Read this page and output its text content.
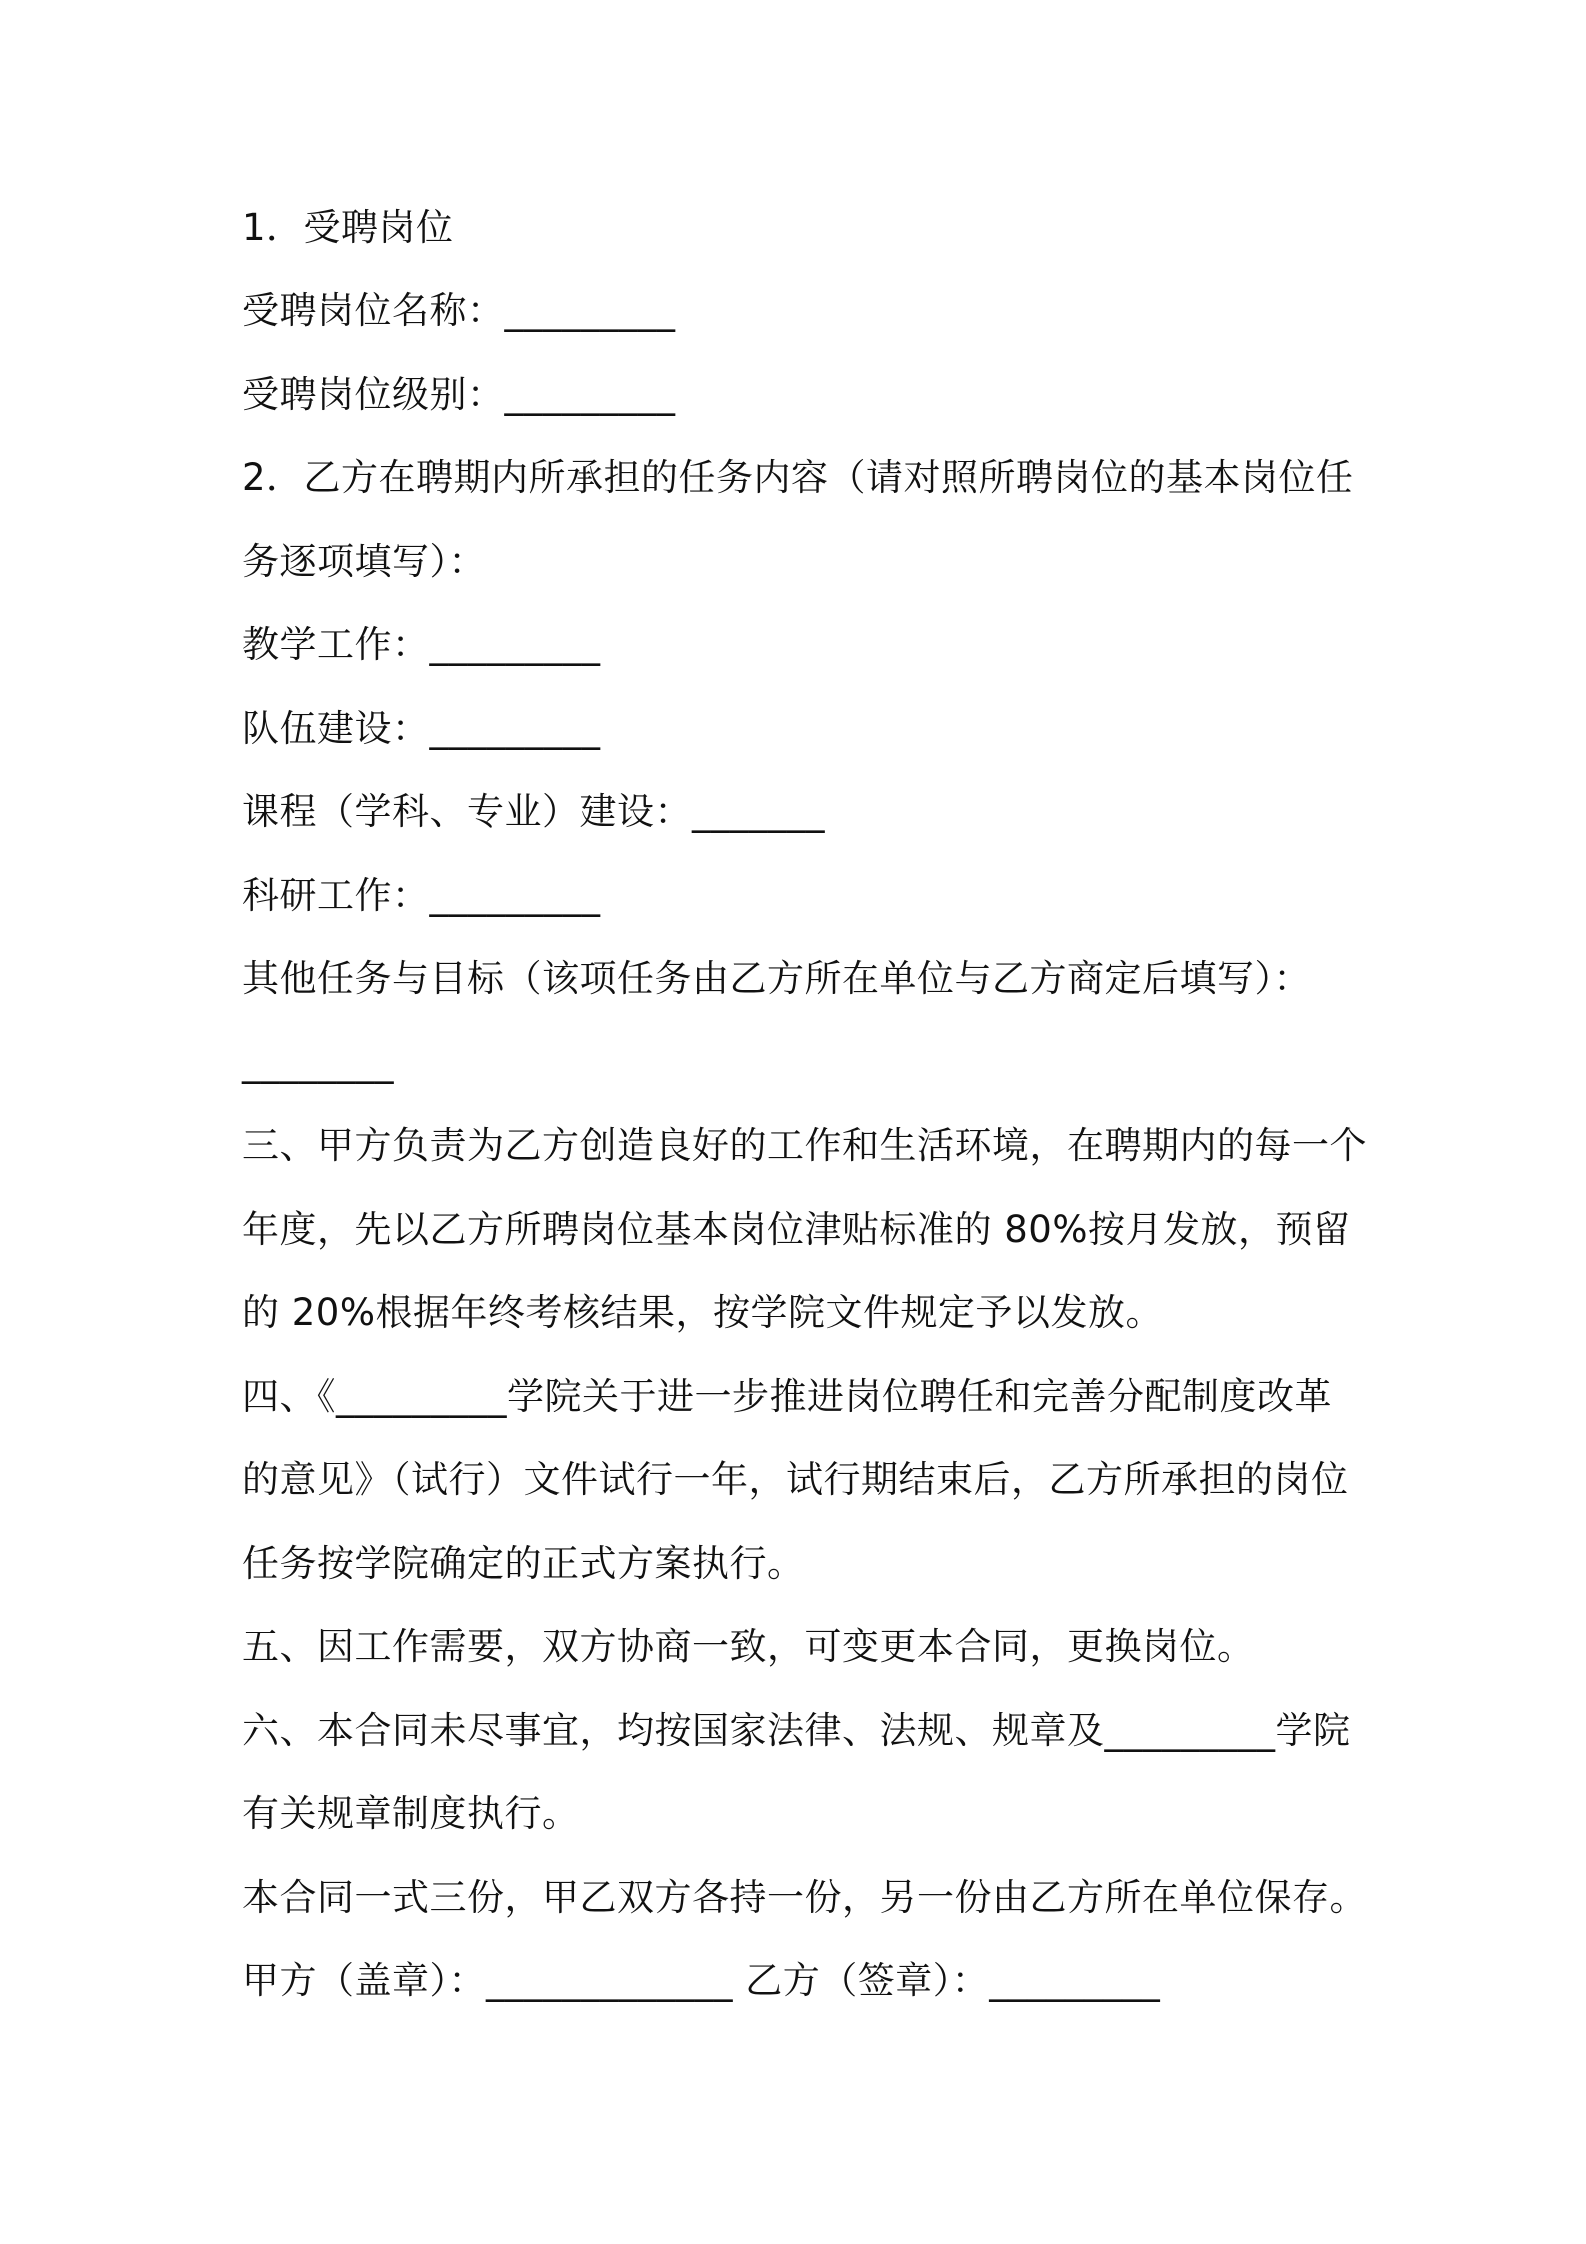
1．受聘岗位
受聘岗位名称：_________
受聘岗位级别：_________
2．乙方在聘期内所承担的任务内容（请对照所聘岗位的基本岗位任
务逐项填写）：
教学工作：_________
队伍建设：_________
课程（学科、专业）建设：_______
科研工作：_________
其他任务与目标（该项任务由乙方所在单位与乙方商定后填写）：
________
三、甲方负责为乙方创造良好的工作和生活环境，在聘期内的每一个
年度，先以乙方所聘岗位基本岗位津贴标准的 80%按月发放，预留
的 20%根据年终考核结果，按学院文件规定予以发放。
四、《_________学院关于进一步推进岗位聘任和完善分配制度改革
的意见》（试行）文件试行一年，试行期结束后，乙方所承担的岗位
任务按学院确定的正式方案执行。
五、因工作需要，双方协商一致，可变更本合同，更换岗位。
六、本合同未尽事宜，均按国家法律、法规、规章及_________学院
有关规章制度执行。
本合同一式三份，甲乙双方各持一份，另一份由乙方所在单位保存。
甲方（盖章）：_____________ 乙方（签章）：_________
